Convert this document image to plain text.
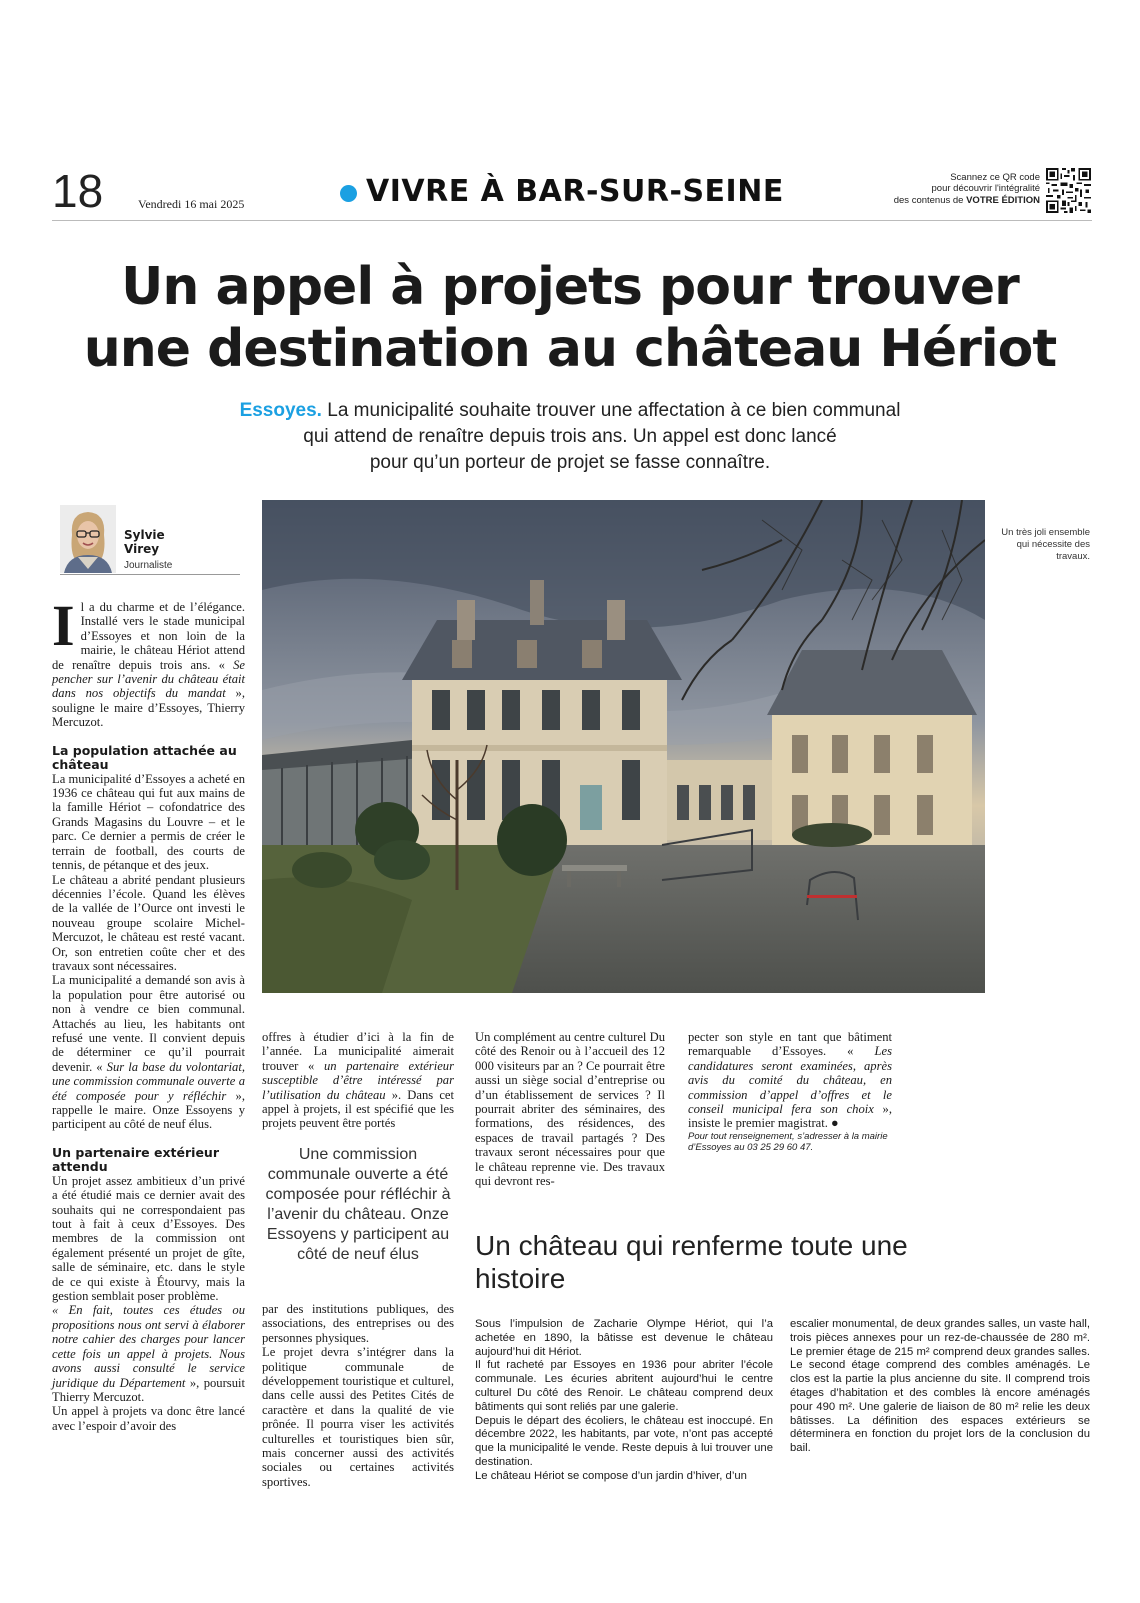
18	Vendredi 16 mai 2025	VIVRE À BAR-SUR-SEINE	Scannez ce QR code
pour découvrir l'intégralité
des contenus de VOTRE ÉDITION
Un appel à projets pour trouver
une destination au château Hériot
Essoyes. La municipalité souhaite trouver une affectation à ce bien communal
qui attend de renaître depuis trois ans. Un appel est donc lancé
pour qu’un porteur de projet se fasse connaître.
Sylvie
Virey
Journaliste
Un très joli ensemble qui nécessite des travaux.

Il a du charme et de l’élégance. Installé vers le stade municipal d’Essoyes et non loin de la mairie, le château Hériot attend de renaître depuis trois ans. « Se pencher sur l’avenir du château était dans nos objectifs du mandat », souligne le maire d’Essoyes, Thierry Mercuzot.

La population attachée au château

La municipalité d’Essoyes a acheté en 1936 ce château qui fut aux mains de la famille Hériot – cofondatrice des Grands Magasins du Louvre – et le parc. Ce dernier a permis de créer le terrain de football, des courts de tennis, de pétanque et des jeux.

Le château a abrité pendant plusieurs décennies l’école. Quand les élèves de la vallée de l’Ource ont investi le nouveau groupe scolaire Michel-Mercuzot, le château est resté vacant. Or, son entretien coûte cher et des travaux sont nécessaires.

La municipalité a demandé son avis à la population pour être autorisé ou non à vendre ce bien communal. Attachés au lieu, les habitants ont refusé une vente. Il convient depuis de déterminer ce qu’il pourrait devenir. « Sur la base du volontariat, une commission communale ouverte a été composée pour y réfléchir », rappelle le maire. Onze Essoyens y participent au côté de neuf élus.

Un partenaire extérieur attendu

Un projet assez ambitieux d’un privé a été étudié mais ce dernier avait des souhaits qui ne correspondaient pas tout à fait à ceux d’Essoyes. Des membres de la commission ont également présenté un projet de gîte, salle de séminaire, etc. dans le style de ce qui existe à Étourvy, mais la gestion semblait poser problème.

« En fait, toutes ces études ou propositions nous ont servi à élaborer notre cahier des charges pour lancer cette fois un appel à projets. Nous avons aussi consulté le service juridique du Département », poursuit Thierry Mercuzot.

Un appel à projets va donc être lancé avec l’espoir d’avoir des

offres à étudier d’ici à la fin de l’année. La municipalité aimerait trouver « un partenaire extérieur susceptible d’être intéressé par l’utilisation du château ». Dans cet appel à projets, il est spécifié que les projets peuvent être portés

Une commission communale ouverte a été composée pour réfléchir à l’avenir du château. Onze Essoyens y participent au côté de neuf élus

par des institutions publiques, des associations, des entreprises ou des personnes physiques.

Le projet devra s’intégrer dans la politique communale de développement touristique et culturel, dans celle aussi des Petites Cités de caractère et dans la qualité de vie prônée. Il pourra viser les activités culturelles et touristiques bien sûr, mais concerner aussi des activités sociales ou certaines activités sportives.

Un complément au centre culturel Du côté des Renoir ou à l’accueil des 12 000 visiteurs par an ? Ce pourrait être aussi un siège social d’entreprise ou d’un établissement de services ? Il pourrait abriter des séminaires, des formations, des résidences, des espaces de travail partagés ? Des travaux seront nécessaires pour que le château reprenne vie. Des travaux qui devront res-

pecter son style en tant que bâtiment remarquable d’Essoyes. « Les candidatures seront examinées, après avis du comité du château, en commission d’appel d’offres et le conseil municipal fera son choix », insiste le premier magistrat. ●

Pour tout renseignement, s’adresser à la mairie d’Essoyes au 03 25 29 60 47.

Un château qui renferme toute une histoire

Sous l’impulsion de Zacharie Olympe Hériot, qui l’a achetée en 1890, la bâtisse est devenue le château aujourd’hui dit Hériot.

Il fut racheté par Essoyes en 1936 pour abriter l’école communale. Les écuries abritent aujourd’hui le centre culturel Du côté des Renoir. Le château comprend deux bâtiments qui sont reliés par une galerie.

Depuis le départ des écoliers, le château est inoccupé. En décembre 2022, les habitants, par vote, n’ont pas accepté que la municipalité le vende. Reste depuis à lui trouver une destination.

Le château Hériot se compose d’un jardin d’hiver, d’un

escalier monumental, de deux grandes salles, un vaste hall, trois pièces annexes pour un rez-de-chaussée de 280 m². Le premier étage de 215 m² comprend deux grandes salles. Le second étage comprend des combles aménagés. Le clos est la partie la plus ancienne du site. Il comprend trois étages d’habitation et des combles là encore aménagés pour 490 m². Une galerie de liaison de 80 m² relie les deux bâtisses. La définition des espaces extérieurs se déterminera en fonction du projet lors de la conclusion du bail.
